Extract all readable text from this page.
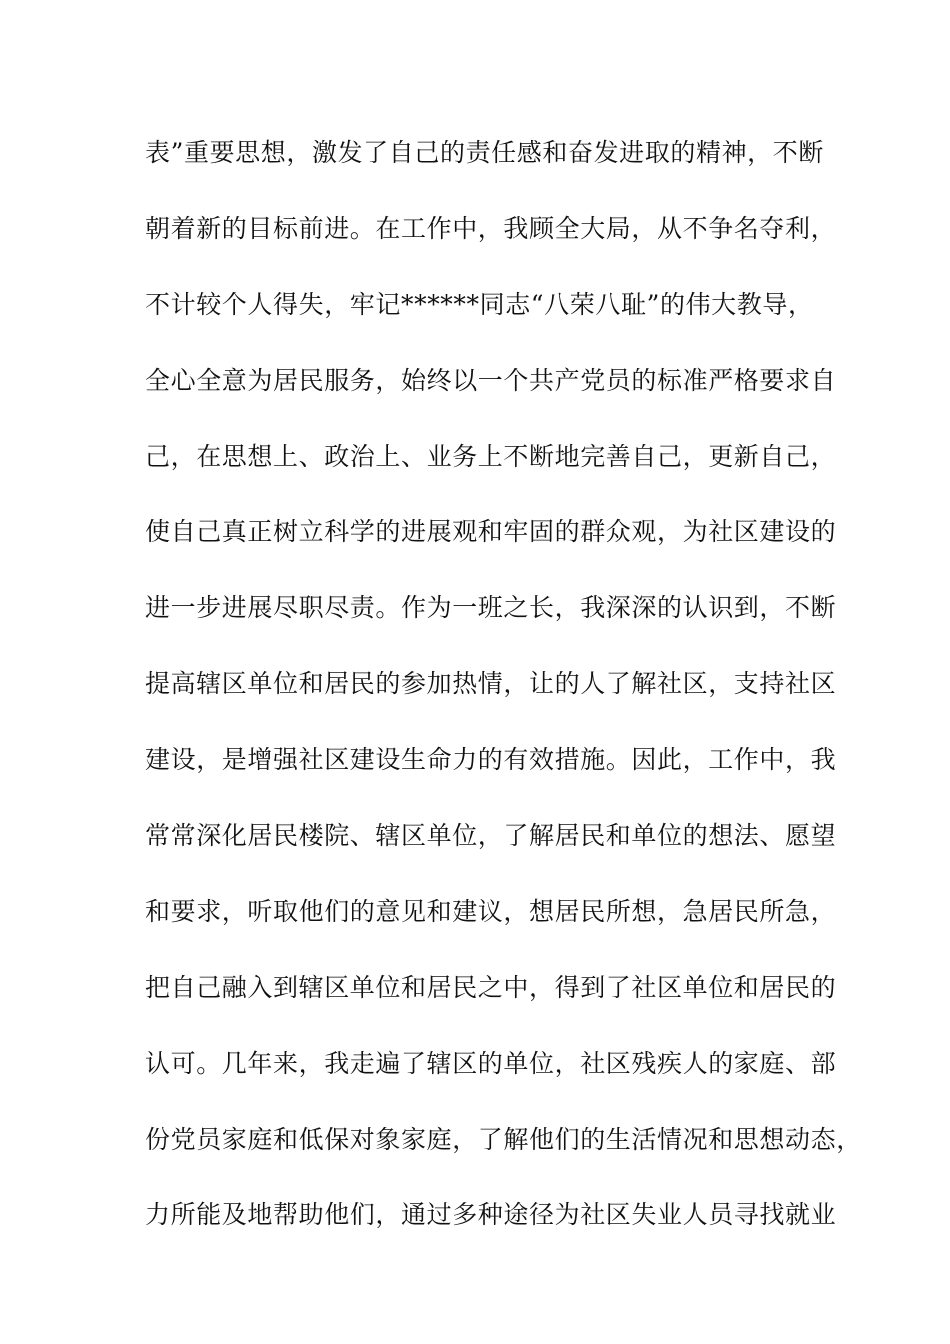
表”重要思想，激发了自己的责任感和奋发进取的精神，不断
朝着新的目标前进。在工作中，我顾全大局，从不争名夺利，
不计较个人得失，牢记******同志“八荣八耻”的伟大教导，
全心全意为居民服务，始终以一个共产党员的标准严格要求自
己，在思想上、政治上、业务上不断地完善自己，更新自己，
使自己真正树立科学的进展观和牢固的群众观，为社区建设的
进一步进展尽职尽责。作为一班之长，我深深的认识到，不断
提高辖区单位和居民的参加热情，让的人了解社区，支持社区
建设，是增强社区建设生命力的有效措施。因此，工作中，我
常常深化居民楼院、辖区单位，了解居民和单位的想法、愿望
和要求，听取他们的意见和建议，想居民所想，急居民所急，
把自己融入到辖区单位和居民之中，得到了社区单位和居民的
认可。几年来，我走遍了辖区的单位，社区残疾人的家庭、部
份党员家庭和低保对象家庭，了解他们的生活情况和思想动态，
力所能及地帮助他们，通过多种途径为社区失业人员寻找就业
